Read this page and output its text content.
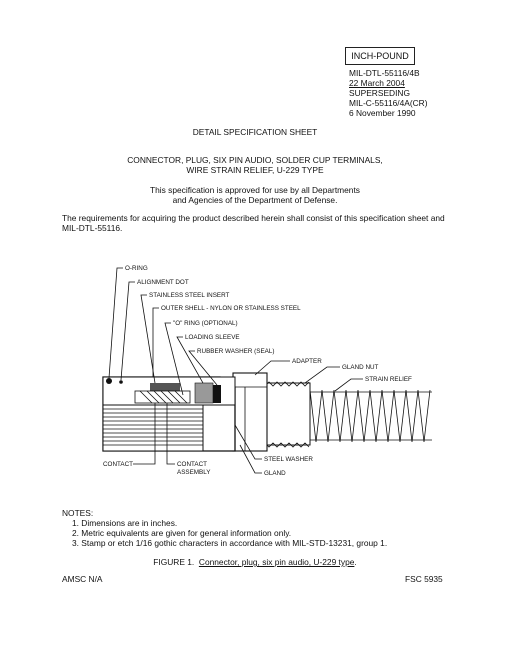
INCH-POUND
MIL-DTL-55116/4B
22 March 2004
SUPERSEDING
MIL-C-55116/4A(CR)
6 November 1990
DETAIL SPECIFICATION SHEET
CONNECTOR, PLUG, SIX PIN AUDIO, SOLDER CUP TERMINALS,
WIRE STRAIN RELIEF, U-229 TYPE
This specification is approved for use by all Departments
and Agencies of the Department of Defense.
The requirements for acquiring the product described herein shall consist of this specification sheet and
MIL-DTL-55116.
O-RING
ALIGNMENT DOT
STAINLESS STEEL INSERT
OUTER SHELL - NYLON OR STAINLESS STEEL
"O" RING (OPTIONAL)
LOADING SLEEVE
RUBBER WASHER (SEAL)
ADAPTER
GLAND NUT
STRAIN RELIEF
CONTACT	CONTACT
ASSEMBLY
STEEL WASHER
GLAND
NOTES:
1. Dimensions are in inches.
2. Metric equivalents are given for general information only.
3. Stamp or etch 1/16 gothic characters in accordance with MIL-STD-13231, group 1.
FIGURE 1. Connector, plug, six pin audio, U-229 type.
AMSC N/A	FSC 5935
